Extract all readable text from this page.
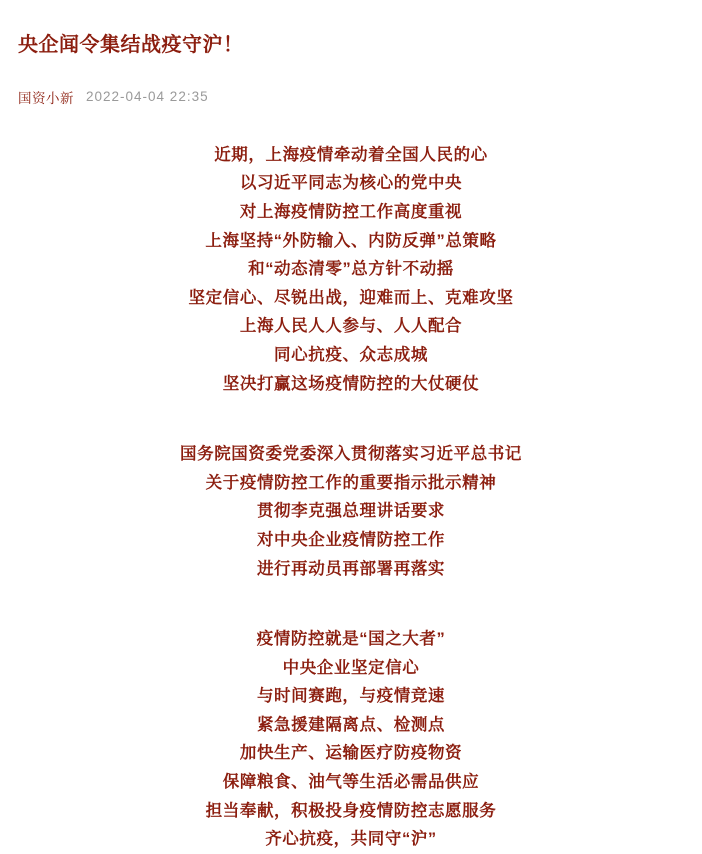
央企闻令集结战疫守沪！
国资小新 2022-04-04 22:35
近期，上海疫情牵动着全国人民的心
以习近平同志为核心的党中央
对上海疫情防控工作高度重视
上海坚持“外防输入、内防反弹”总策略
和“动态清零”总方针不动摇
坚定信心、尽锐出战，迎难而上、克难攻坚
上海人民人人参与、人人配合
同心抗疫、众志成城
坚决打赢这场疫情防控的大仗硬仗
国务院国资委党委深入贯彻落实习近平总书记
关于疫情防控工作的重要指示批示精神
贯彻李克强总理讲话要求
对中央企业疫情防控工作
进行再动员再部署再落实
疫情防控就是“国之大者”
中央企业坚定信心
与时间赛跑，与疫情竞速
紧急援建隔离点、检测点
加快生产、运输医疗防疫物资
保障粮食、油气等生活必需品供应
担当奉献，积极投身疫情防控志愿服务
齐心抗疫，共同守“沪”
